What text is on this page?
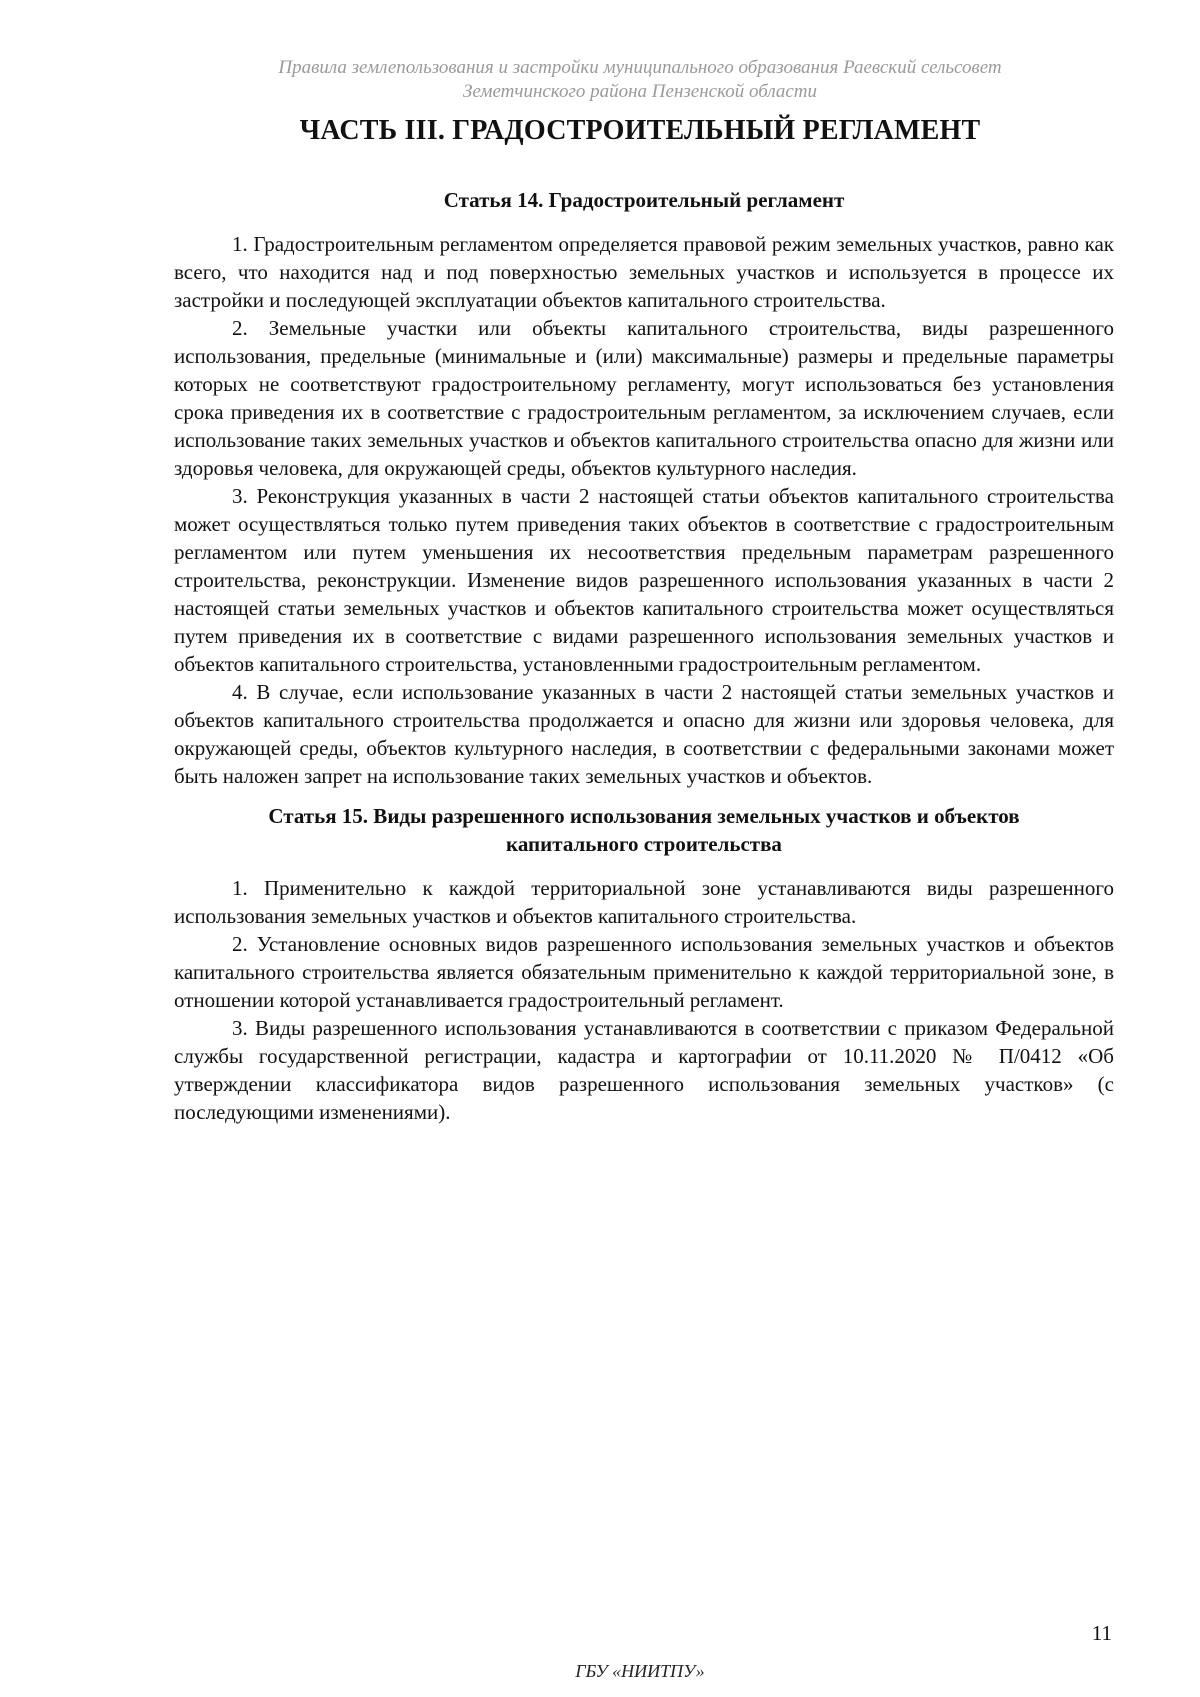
Правила землепользования и застройки муниципального образования Раевский сельсовет
Земетчинского района Пензенской области
ЧАСТЬ III. ГРАДОСТРОИТЕЛЬНЫЙ РЕГЛАМЕНТ
Статья 14. Градостроительный регламент

1. Градостроительным регламентом определяется правовой режим земельных участков, равно как всего, что находится над и под поверхностью земельных участков и используется в процессе их застройки и последующей эксплуатации объектов капитального строительства.

2. Земельные участки или объекты капитального строительства, виды разрешенного использования, предельные (минимальные и (или) максимальные) размеры и предельные параметры которых не соответствуют градостроительному регламенту, могут использоваться без установления срока приведения их в соответствие с градостроительным регламентом, за исключением случаев, если использование таких земельных участков и объектов капитального строительства опасно для жизни или здоровья человека, для окружающей среды, объектов культурного наследия.

3. Реконструкция указанных в части 2 настоящей статьи объектов капитального строительства может осуществляться только путем приведения таких объектов в соответствие с градостроительным регламентом или путем уменьшения их несоответствия предельным параметрам разрешенного строительства, реконструкции. Изменение видов разрешенного использования указанных в части 2 настоящей статьи земельных участков и объектов капитального строительства может осуществляться путем приведения их в соответствие с видами разрешенного использования земельных участков и объектов капитального строительства, установленными градостроительным регламентом.

4. В случае, если использование указанных в части 2 настоящей статьи земельных участков и объектов капитального строительства продолжается и опасно для жизни или здоровья человека, для окружающей среды, объектов культурного наследия, в соответствии с федеральными законами может быть наложен запрет на использование таких земельных участков и объектов.

Статья 15. Виды разрешенного использования земельных участков и объектов
капитального строительства

1. Применительно к каждой территориальной зоне устанавливаются виды разрешенного использования земельных участков и объектов капитального строительства.

2. Установление основных видов разрешенного использования земельных участков и объектов капитального строительства является обязательным применительно к каждой территориальной зоне, в отношении которой устанавливается градостроительный регламент.

3. Виды разрешенного использования устанавливаются в соответствии с приказом Федеральной службы государственной регистрации, кадастра и картографии от 10.11.2020 № П/0412 «Об утверждении классификатора видов разрешенного использования земельных участков» (с последующими изменениями).

11
ГБУ «НИИТПУ»
